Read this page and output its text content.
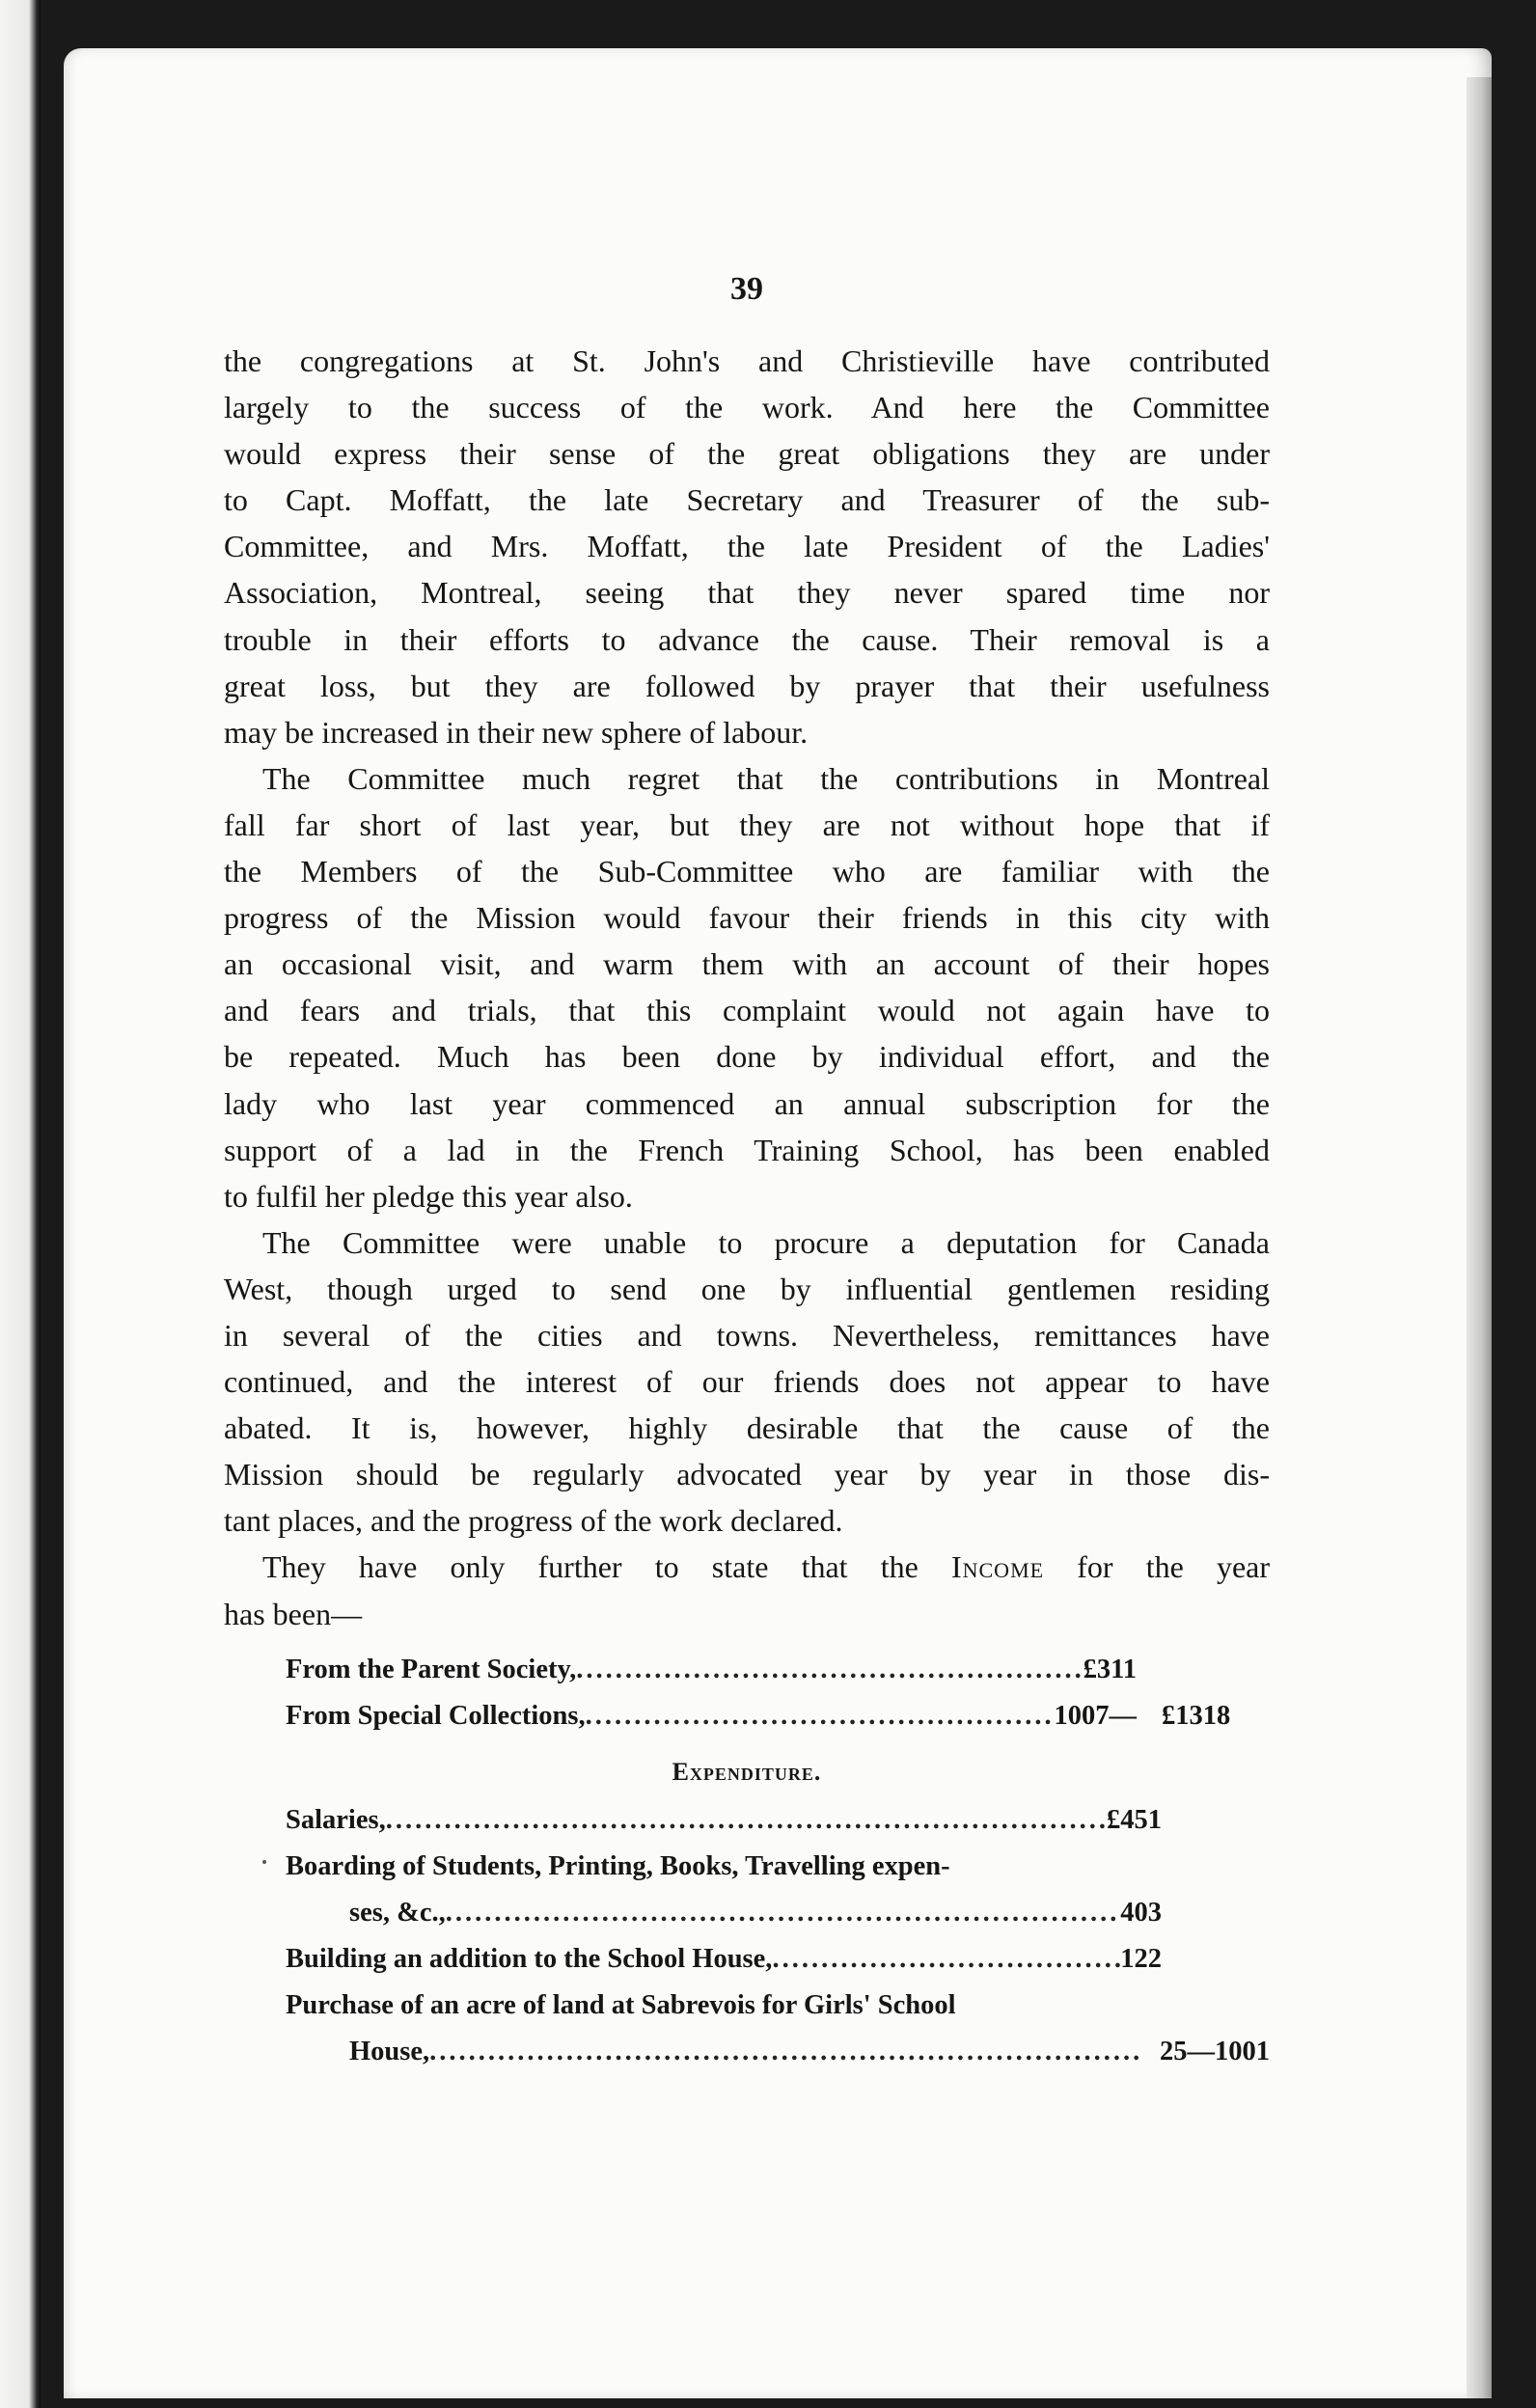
39
the congregations at St. John's and Christieville have contributed
largely to the success of the work. And here the Committee
would express their sense of the great obligations they are under
to Capt. Moffatt, the late Secretary and Treasurer of the sub-
Committee, and Mrs. Moffatt, the late President of the Ladies'
Association, Montreal, seeing that they never spared time nor
trouble in their efforts to advance the cause. Their removal is a
great loss, but they are followed by prayer that their usefulness
may be increased in their new sphere of labour.
The Committee much regret that the contributions in Montreal
fall far short of last year, but they are not without hope that if
the Members of the Sub-Committee who are familiar with the
progress of the Mission would favour their friends in this city with
an occasional visit, and warm them with an account of their hopes
and fears and trials, that this complaint would not again have to
be repeated. Much has been done by individual effort, and the
lady who last year commenced an annual subscription for the
support of a lad in the French Training School, has been enabled
to fulfil her pledge this year also.
The Committee were unable to procure a deputation for Canada
West, though urged to send one by influential gentlemen residing
in several of the cities and towns. Nevertheless, remittances have
continued, and the interest of our friends does not appear to have
abated. It is, however, highly desirable that the cause of the
Mission should be regularly advocated year by year in those dis-
tant places, and the progress of the work declared.
They have only further to state that the Income for the year
has been—
From the Parent Society, .....	£311
From Special Collections, .....	1007— £1318
Expenditure.
Salaries, .....	£451
Boarding of Students, Printing, Books, Travelling expen-
ses, &c., .....	403
Building an addition to the School House, .....	122
Purchase of an acre of land at Sabrevois for Girls' School
House, .....	25—1001
